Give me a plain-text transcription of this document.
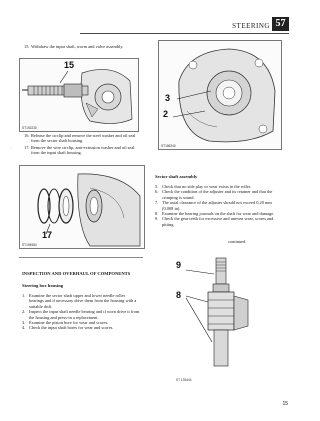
STEERING 57
15. Withdraw the input shaft, worm and valve assembly.
15
ST192230
16. Release the circlip and remove the steel washer and oil seal from the sector shaft housing.
·	17. Remove the wire circlip, anti-extrusion washer and oil seal from the input shaft housing.
17
ST194984
INSPECTION AND OVERHAUL OF COMPONENTS
Steering box housing
1. Examine the sector shaft upper and lower needle roller bearings and if necessary drive them from the housing with a suitable drift.
2. Inspect the input shaft needle bearing and if worn drive it from the housing and press-in a replacement.
3. Examine the piston bore for wear and scores.
4. Check the input shaft bores for wear and scores.
3
2
ST186240
Sector shaft assembly
5. Check that no side play or wear exists in the roller.
6. Check the condition of the adjuster and its retainer and that the crimping is sound.
7. The axial clearance of the adjuster should not exceed 0,20 mm (0.008 in).
8. Examine the bearing journals on the shaft for wear and damage.
9. Check the gear teeth for excessive and uneven wear, scores and pitting.
continued
9
8
ST 135444
15
